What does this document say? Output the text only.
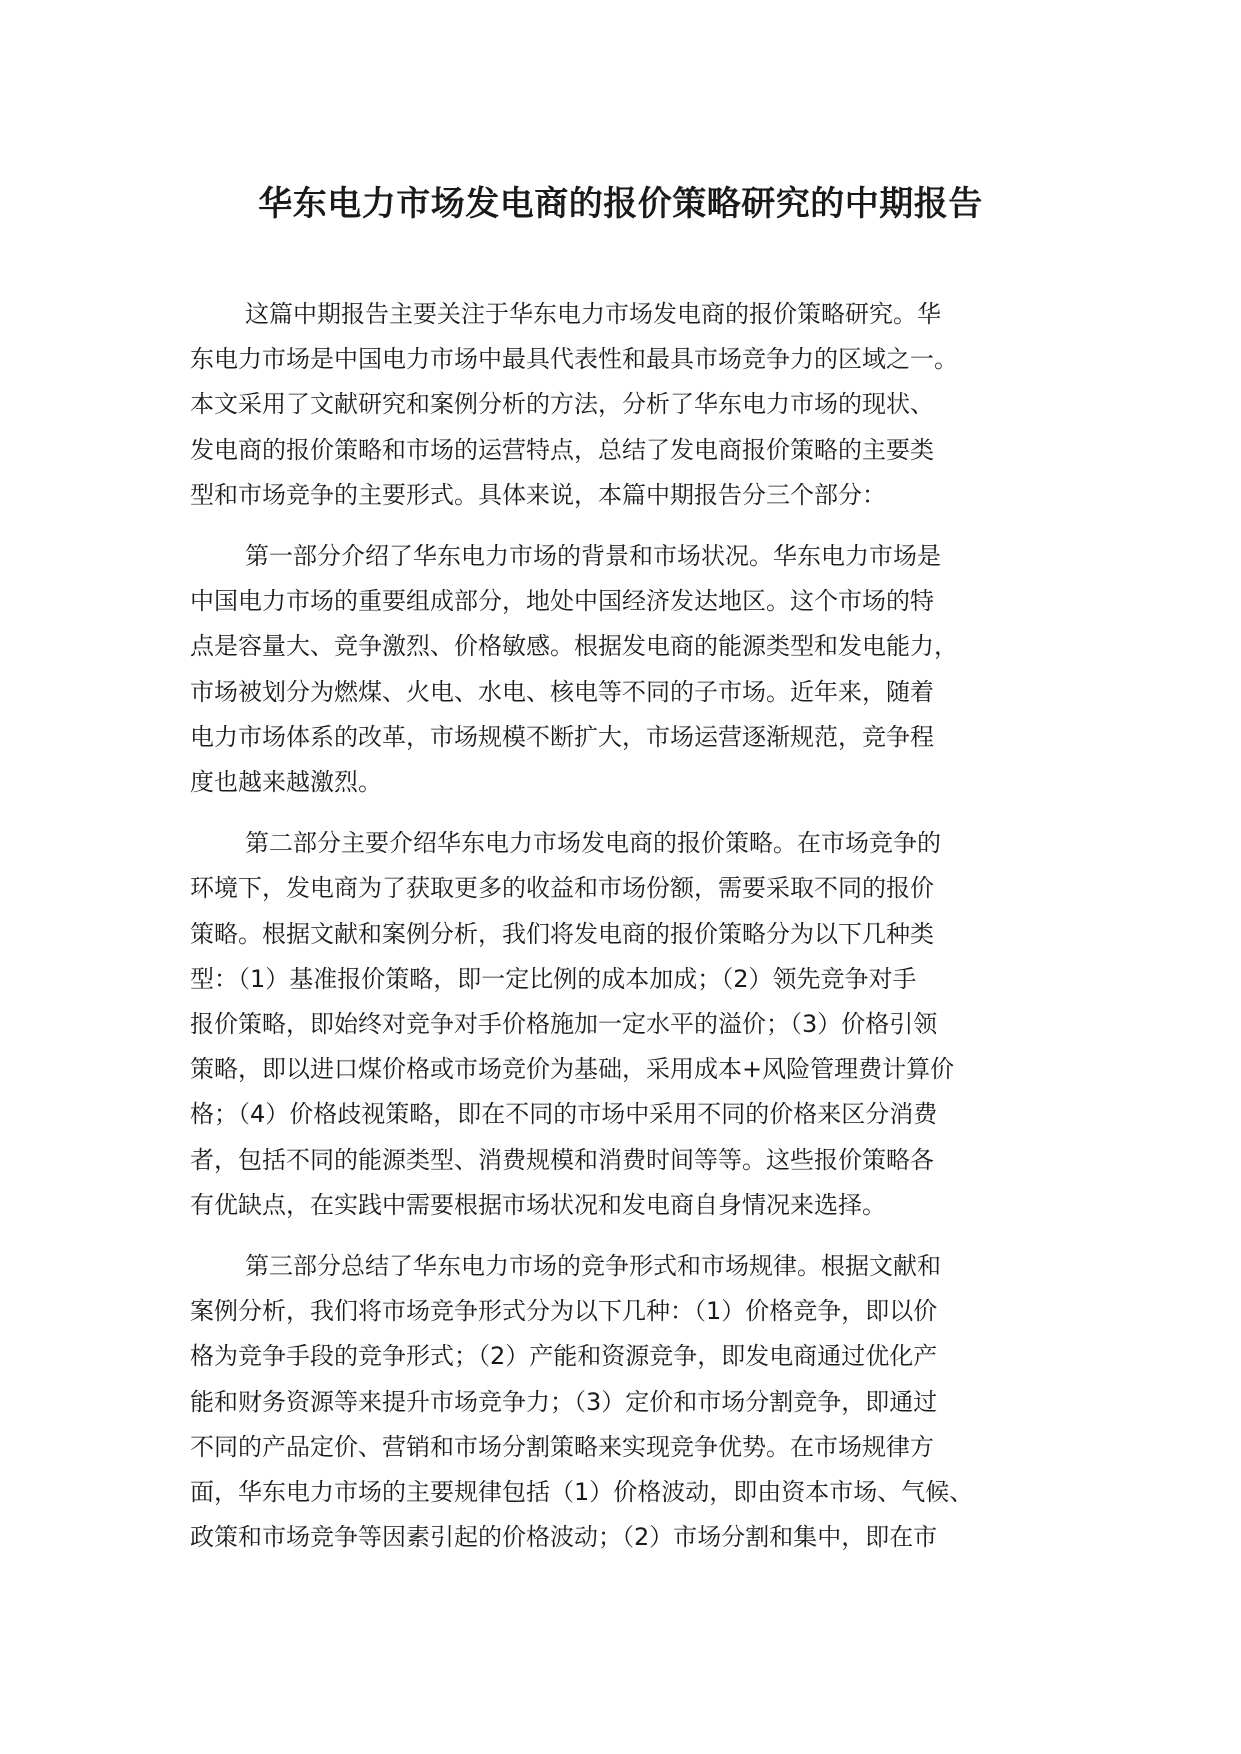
华东电力市场发电商的报价策略研究的中期报告
这篇中期报告主要关注于华东电力市场发电商的报价策略研究。华
东电力市场是中国电力市场中最具代表性和最具市场竞争力的区域之一。
本文采用了文献研究和案例分析的方法，分析了华东电力市场的现状、
发电商的报价策略和市场的运营特点，总结了发电商报价策略的主要类
型和市场竞争的主要形式。具体来说，本篇中期报告分三个部分：
第一部分介绍了华东电力市场的背景和市场状况。华东电力市场是
中国电力市场的重要组成部分，地处中国经济发达地区。这个市场的特
点是容量大、竞争激烈、价格敏感。根据发电商的能源类型和发电能力，
市场被划分为燃煤、火电、水电、核电等不同的子市场。近年来，随着
电力市场体系的改革，市场规模不断扩大，市场运营逐渐规范，竞争程
度也越来越激烈。
第二部分主要介绍华东电力市场发电商的报价策略。在市场竞争的
环境下，发电商为了获取更多的收益和市场份额，需要采取不同的报价
策略。根据文献和案例分析，我们将发电商的报价策略分为以下几种类
型：（1）基准报价策略，即一定比例的成本加成；（2）领先竞争对手
报价策略，即始终对竞争对手价格施加一定水平的溢价；（3）价格引领
策略，即以进口煤价格或市场竞价为基础，采用成本+风险管理费计算价
格；（4）价格歧视策略，即在不同的市场中采用不同的价格来区分消费
者，包括不同的能源类型、消费规模和消费时间等等。这些报价策略各
有优缺点，在实践中需要根据市场状况和发电商自身情况来选择。
第三部分总结了华东电力市场的竞争形式和市场规律。根据文献和
案例分析，我们将市场竞争形式分为以下几种：（1）价格竞争，即以价
格为竞争手段的竞争形式；（2）产能和资源竞争，即发电商通过优化产
能和财务资源等来提升市场竞争力；（3）定价和市场分割竞争，即通过
不同的产品定价、营销和市场分割策略来实现竞争优势。在市场规律方
面，华东电力市场的主要规律包括（1）价格波动，即由资本市场、气候、
政策和市场竞争等因素引起的价格波动；（2）市场分割和集中，即在市
